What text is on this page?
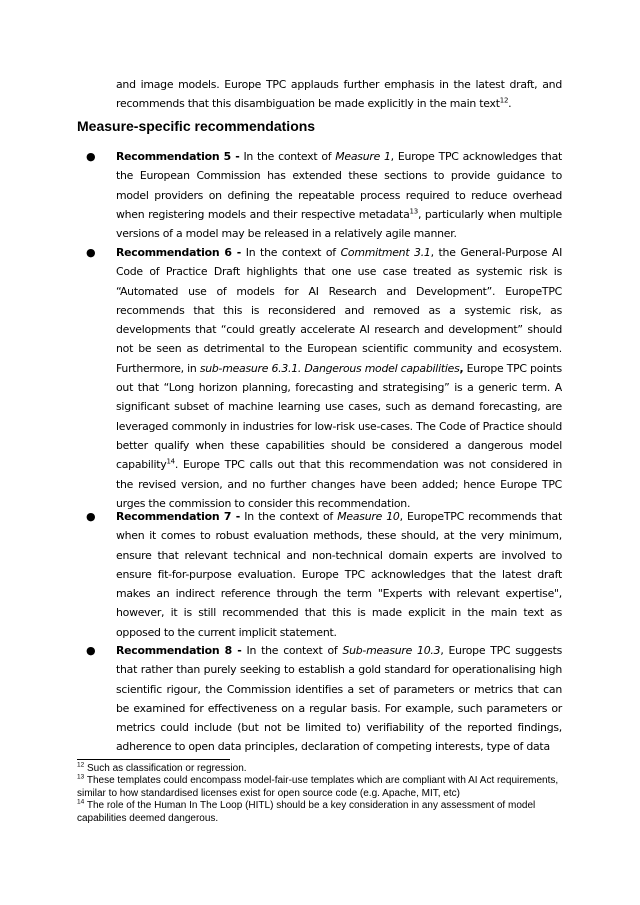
and image models. Europe TPC applauds further emphasis in the latest draft, and recommends that this disambiguation be made explicitly in the main text$^{12}$.

Measure-specific recommendations
● Recommendation 5 - In the context of Measure 1, Europe TPC acknowledges that the European Commission has extended these sections to provide guidance to model providers on defining the repeatable process required to reduce overhead when registering models and their respective metadata$^{13}$, particularly when multiple versions of a model may be released in a relatively agile manner.
● Recommendation 6 - In the context of Commitment 3.1, the General-Purpose AI Code of Practice Draft highlights that one use case treated as systemic risk is “Automated use of models for AI Research and Development”. EuropeTPC recommends that this is reconsidered and removed as a systemic risk, as developments that “could greatly accelerate AI research and development” should not be seen as detrimental to the European scientific community and ecosystem. Furthermore, in sub-measure 6.3.1. Dangerous model capabilities, Europe TPC points out that “Long horizon planning, forecasting and strategising” is a generic term. A significant subset of machine learning use cases, such as demand forecasting, are leveraged commonly in industries for low-risk use-cases. The Code of Practice should better qualify when these capabilities should be considered a dangerous model capability$^{14}$. Europe TPC calls out that this recommendation was not considered in the revised version, and no further changes have been added; hence Europe TPC urges the commission to consider this recommendation.
● Recommendation 7 - In the context of Measure 10, EuropeTPC recommends that when it comes to robust evaluation methods, these should, at the very minimum, ensure that relevant technical and non-technical domain experts are involved to ensure fit-for-purpose evaluation. Europe TPC acknowledges that the latest draft makes an indirect reference through the term "Experts with relevant expertise", however, it is still recommended that this is made explicit in the main text as opposed to the current implicit statement.
● Recommendation 8 - In the context of Sub-measure 10.3, Europe TPC suggests that rather than purely seeking to establish a gold standard for operationalising high scientific rigour, the Commission identifies a set of parameters or metrics that can be examined for effectiveness on a regular basis. For example, such parameters or metrics could include (but not be limited to) verifiability of the reported findings, adherence to open data principles, declaration of competing interests, type of data

$^{12}$ Such as classification or regression.

$^{13}$ These templates could encompass model-fair-use templates which are compliant with AI Act requirements, similar to how standardised licenses exist for open source code (e.g. Apache, MIT, etc)

$^{14}$ The role of the Human In The Loop (HITL) should be a key consideration in any assessment of model capabilities deemed dangerous.
